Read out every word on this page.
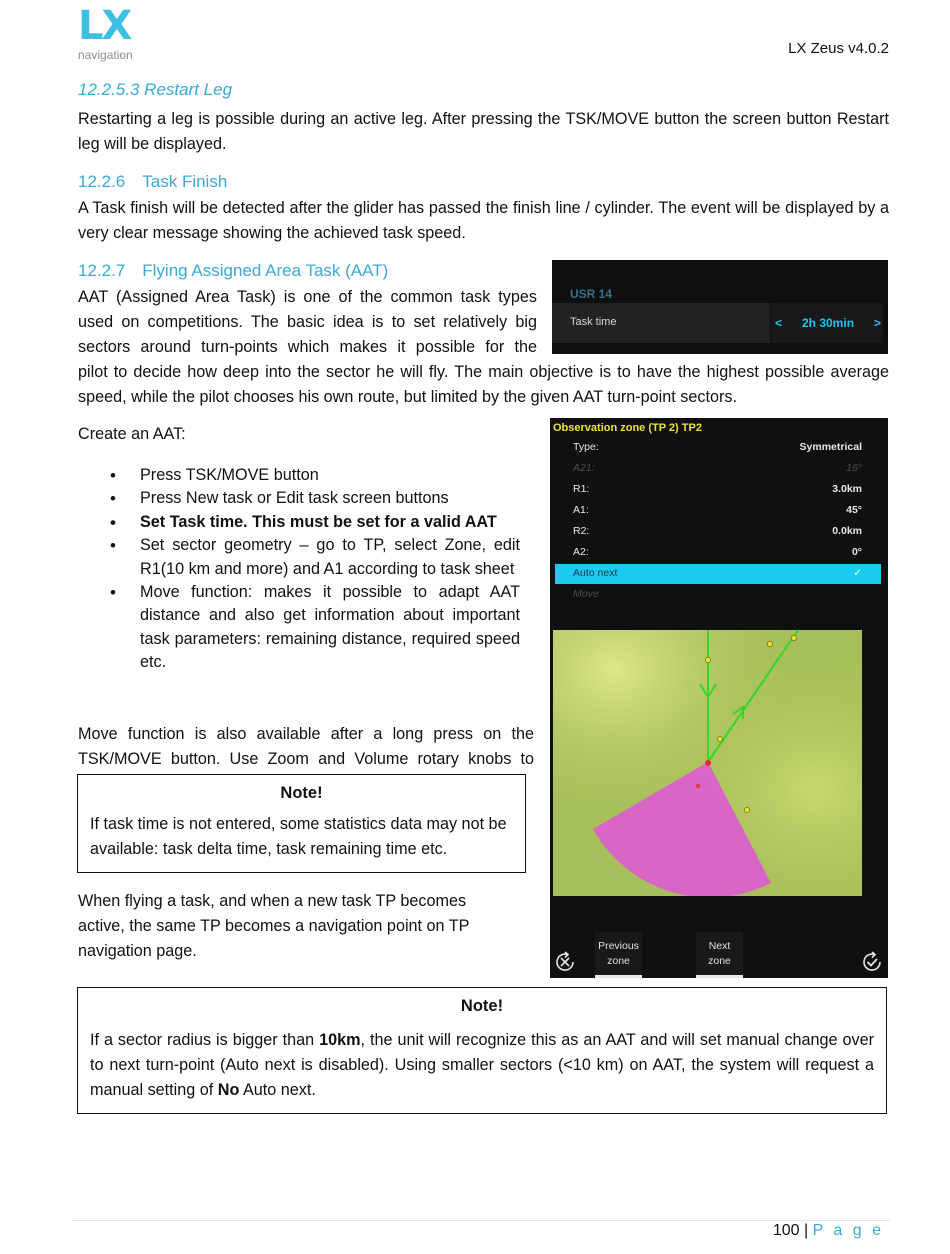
LX
navigation	LX Zeus v4.0.2
12.2.5.3 Restart Leg
Restarting a leg is possible during an active leg. After pressing the TSK/MOVE button the screen button Restart leg will be displayed.
12.2.6  Task Finish
A Task finish will be detected after the glider has passed the finish line / cylinder. The event will be displayed by a very clear message showing the achieved task speed.
12.2.7  Flying Assigned Area Task (AAT)
AAT (Assigned Area Task) is one of the common task types
used on competitions. The basic idea is to set relatively big
sectors around turn-points which makes it possible for the
pilot to decide how deep into the sector he will fly. The main objective is to have the highest possible average speed, while the pilot chooses his own route, but limited by the given AAT turn-point sectors.
USR 14
Task time	< 2h 30min >
Create an AAT:
• Press TSK/MOVE button
• Press New task or Edit task screen buttons
• Set Task time. This must be set for a valid AAT
• Set sector geometry – go to TP, select Zone, edit R1(10 km and more) and A1 according to task sheet
• Move function: makes it possible to adapt AAT distance and also get information about important task parameters: remaining distance, required speed etc.
Move function is also available after a long press on the
TSK/MOVE button. Use Zoom and Volume rotary knobs to
Note!
If task time is not entered, some statistics data may not be available: task delta time, task remaining time etc.
When flying a task, and when a new task TP becomes active, the same TP becomes a navigation point on TP navigation page.
Observation zone (TP 2) TP2
Type:	Symmetrical
A21:	16°
R1:	3.0km
A1:	45°
R2:	0.0km
A2:	0°
Auto next	✓
Move
Previous
zone
Next
zone
Note!
If a sector radius is bigger than 10km, the unit will recognize this as an AAT and will set manual change over to next turn-point (Auto next is disabled). Using smaller sectors (<10 km) on AAT, the system will request a manual setting of No Auto next.
100 | P a g e
